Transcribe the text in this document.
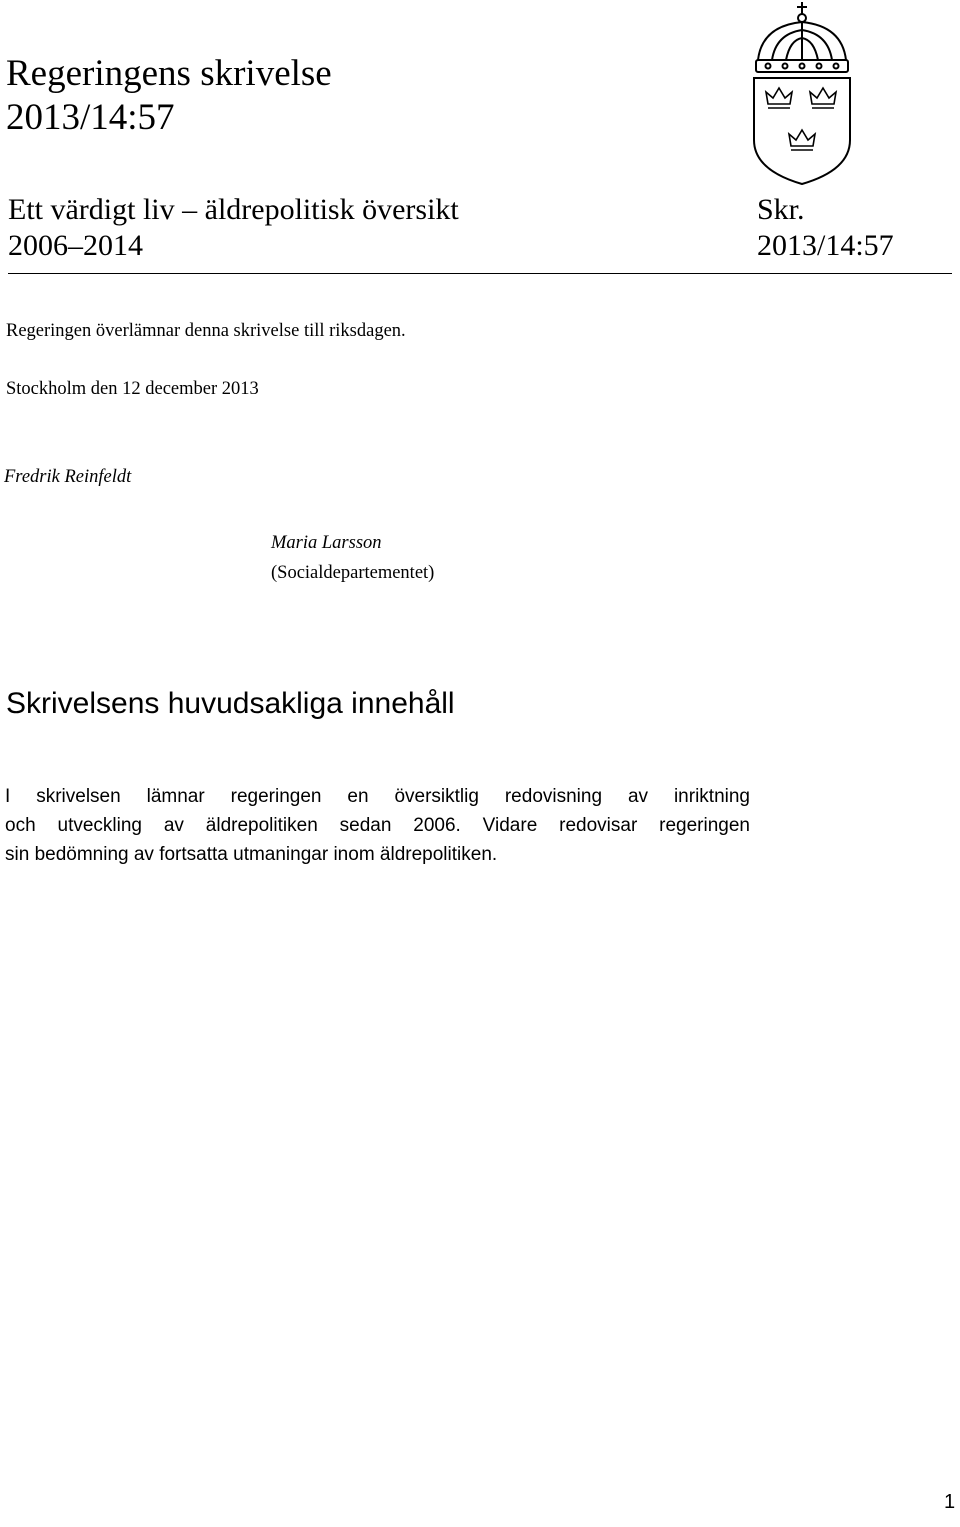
Regeringens skrivelse
2013/14:57
Ett värdigt liv – äldrepolitisk översikt
2006–2014
Skr.
2013/14:57
Regeringen överlämnar denna skrivelse till riksdagen.
Stockholm den 12 december 2013
Fredrik Reinfeldt
Maria Larsson
(Socialdepartementet)
Skrivelsens huvudsakliga innehåll
I skrivelsen lämnar regeringen en översiktlig redovisning av inriktning
och utveckling av äldrepolitiken sedan 2006. Vidare redovisar regeringen
sin bedömning av fortsatta utmaningar inom äldrepolitiken.
1
